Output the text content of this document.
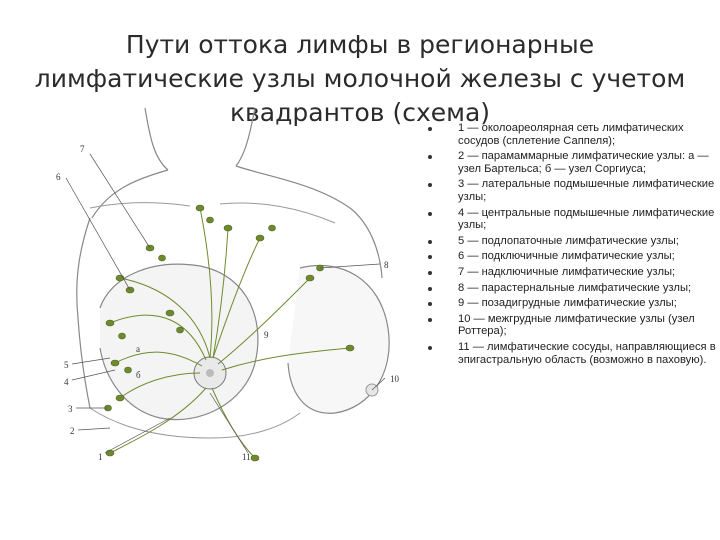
Пути оттока лимфы в регионарные лимфатические узлы молочной железы с учетом квадрантов (схема)
7
6
8
10
5
4
3
2
1	11
а
б
9
1 — околоареолярная сеть лимфатических сосудов (сплетение Саппеля);
2 — парамаммарные лимфатические узлы: а — узел Бартельса; б — узел Соргиуса;
3 — латеральные подмышечные лимфатические узлы;
4 — центральные подмышечные лимфатические узлы;
5 — подлопаточные лимфатические узлы;
6 — подключичные лимфатические узлы;
7 — надключичные лимфатические узлы;
8 — парастернальные лимфатические узлы;
9 — позадигрудные лимфатические узлы;
10 — межгрудные лимфатические узлы (узел Роттера);
11 — лимфатические сосуды, направляющиеся в эпигастральную область (возможно в паховую).
